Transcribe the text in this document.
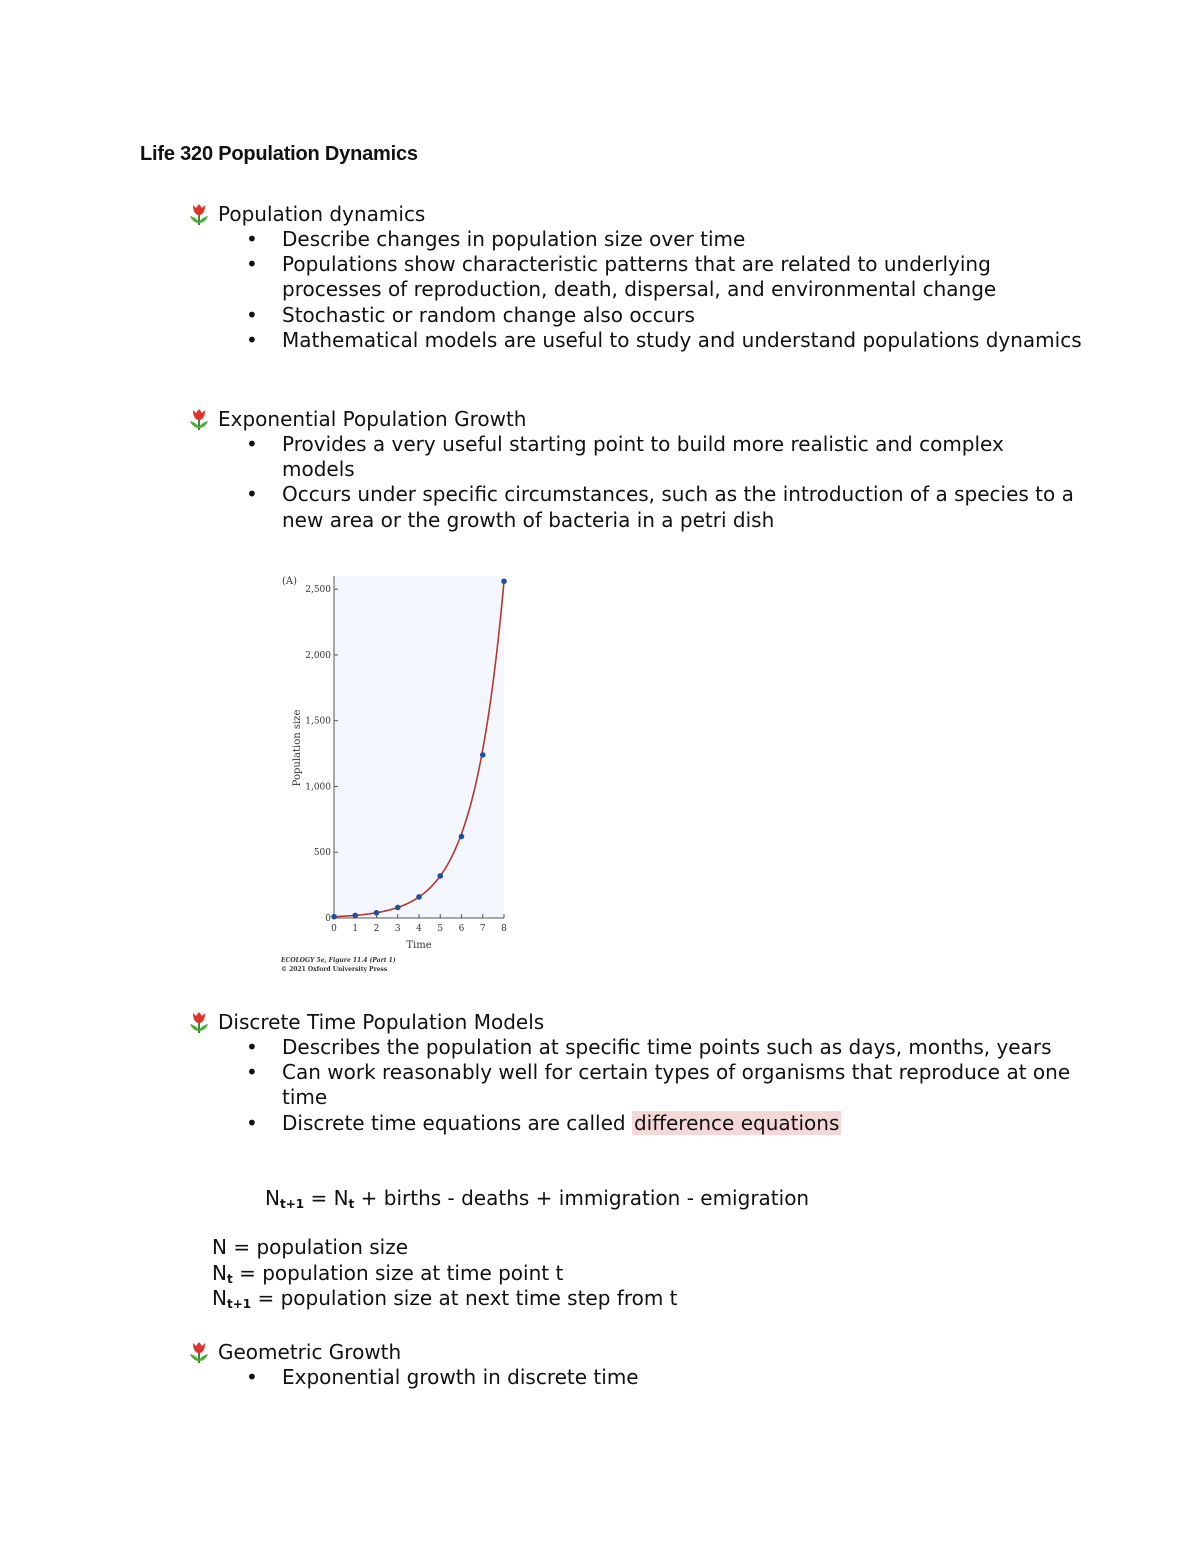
Life 320 Population Dynamics
Population dynamics
• Describe changes in population size over time
• Populations show characteristic patterns that are related to underlying processes of reproduction, death, dispersal, and environmental change
• Stochastic or random change also occurs
• Mathematical models are useful to study and understand populations dynamics
Exponential Population Growth
• Provides a very useful starting point to build more realistic and complex models
• Occurs under specific circumstances, such as the introduction of a species to a new area or the growth of bacteria in a petri dish
(A)
0
500
1,000
1,500
2,000
2,500
0 1 2 3 4 5 6 7 8
Population size
Time
ECOLOGY 5e, Figure 11.4 (Part 1)
© 2021 Oxford University Press
Discrete Time Population Models
• Describes the population at specific time points such as days, months, years
• Can work reasonably well for certain types of organisms that reproduce at one time
• Discrete time equations are called difference equations
$N_{t+1} = N_t$ + births - deaths + immigration - emigration
N = population size
$N_t$ = population size at time point t
$N_{t+1}$ = population size at next time step from t
Geometric Growth
• Exponential growth in discrete time
